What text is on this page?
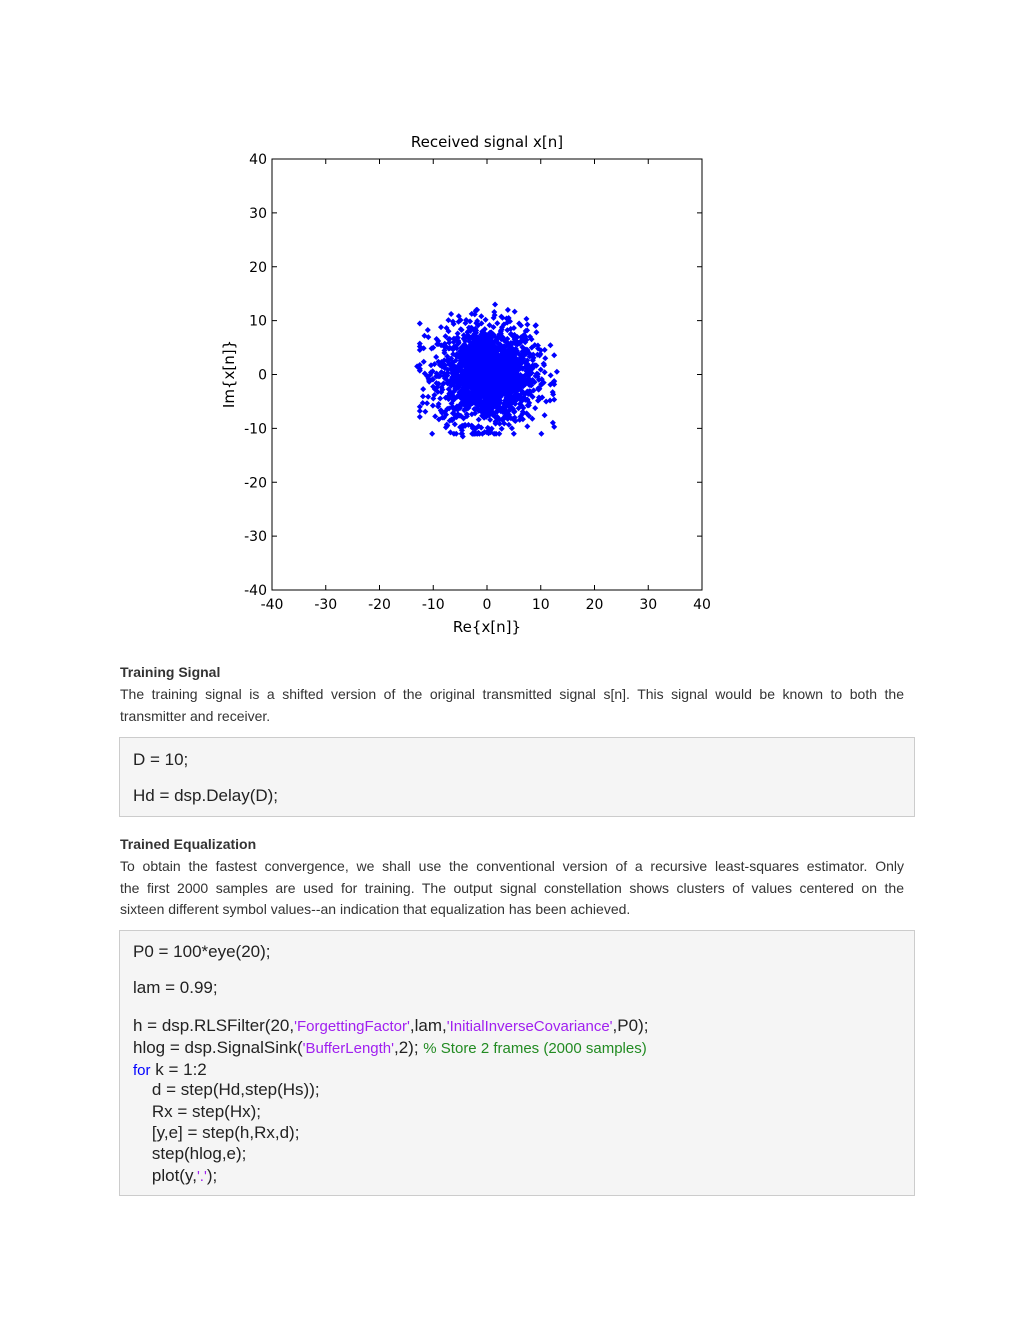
Received signal x[n]
-40 -30 -20 -10	0	10	20	30	40
-40
-30
-20
-10
0
10
20
30
40
Re{x[n]}
Im{x[n]}
Training Signal
The training signal is a shifted version of the original transmitted signal s[n]. This signal would be known to both the
transmitter and receiver.
D = 10;
Hd = dsp.Delay(D);
Trained Equalization
To obtain the fastest convergence, we shall use the conventional version of a recursive least-squares estimator. Only
the first 2000 samples are used for training. The output signal constellation shows clusters of values centered on the
sixteen different symbol values--an indication that equalization has been achieved.
P0 = 100*eye(20);
lam = 0.99;
h = dsp.RLSFilter(20,'ForgettingFactor',lam,'InitialInverseCovariance',P0);
hlog = dsp.SignalSink('BufferLength',2); % Store 2 frames (2000 samples)
for k = 1:2
d = step(Hd,step(Hs));
Rx = step(Hx);
[y,e] = step(h,Rx,d);
step(hlog,e);
plot(y,'.');
